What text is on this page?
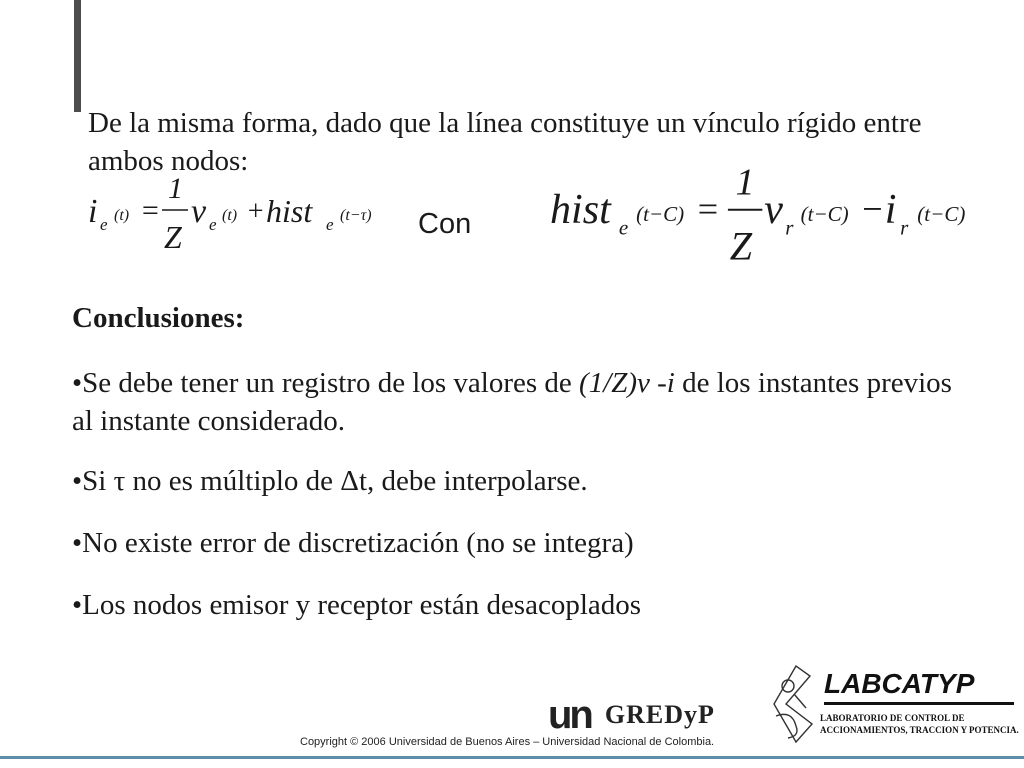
De la misma forma, dado que la línea constituye un vínculo rígido entre ambos nodos:

i e (t) =
1
Z
v e (t) + hist e (t−τ) Con hist e
(t−C) =
1
Z
v r
(t−C) − i r
(t−C)
Conclusiones:

•Se debe tener un registro de los valores de (1/Z)v -i de los instantes previos al instante considerado.

•Si τ no es múltiplo de Δt, debe interpolarse.

•No existe error de discretización (no se integra)

•Los nodos emisor y receptor están desacoplados

un GREDyP
Copyright © 2006 Universidad de Buenos Aires – Universidad Nacional de Colombia.
LABCATYP
LABORATORIO DE CONTROL DE
ACCIONAMIENTOS, TRACCION Y POTENCIA.
